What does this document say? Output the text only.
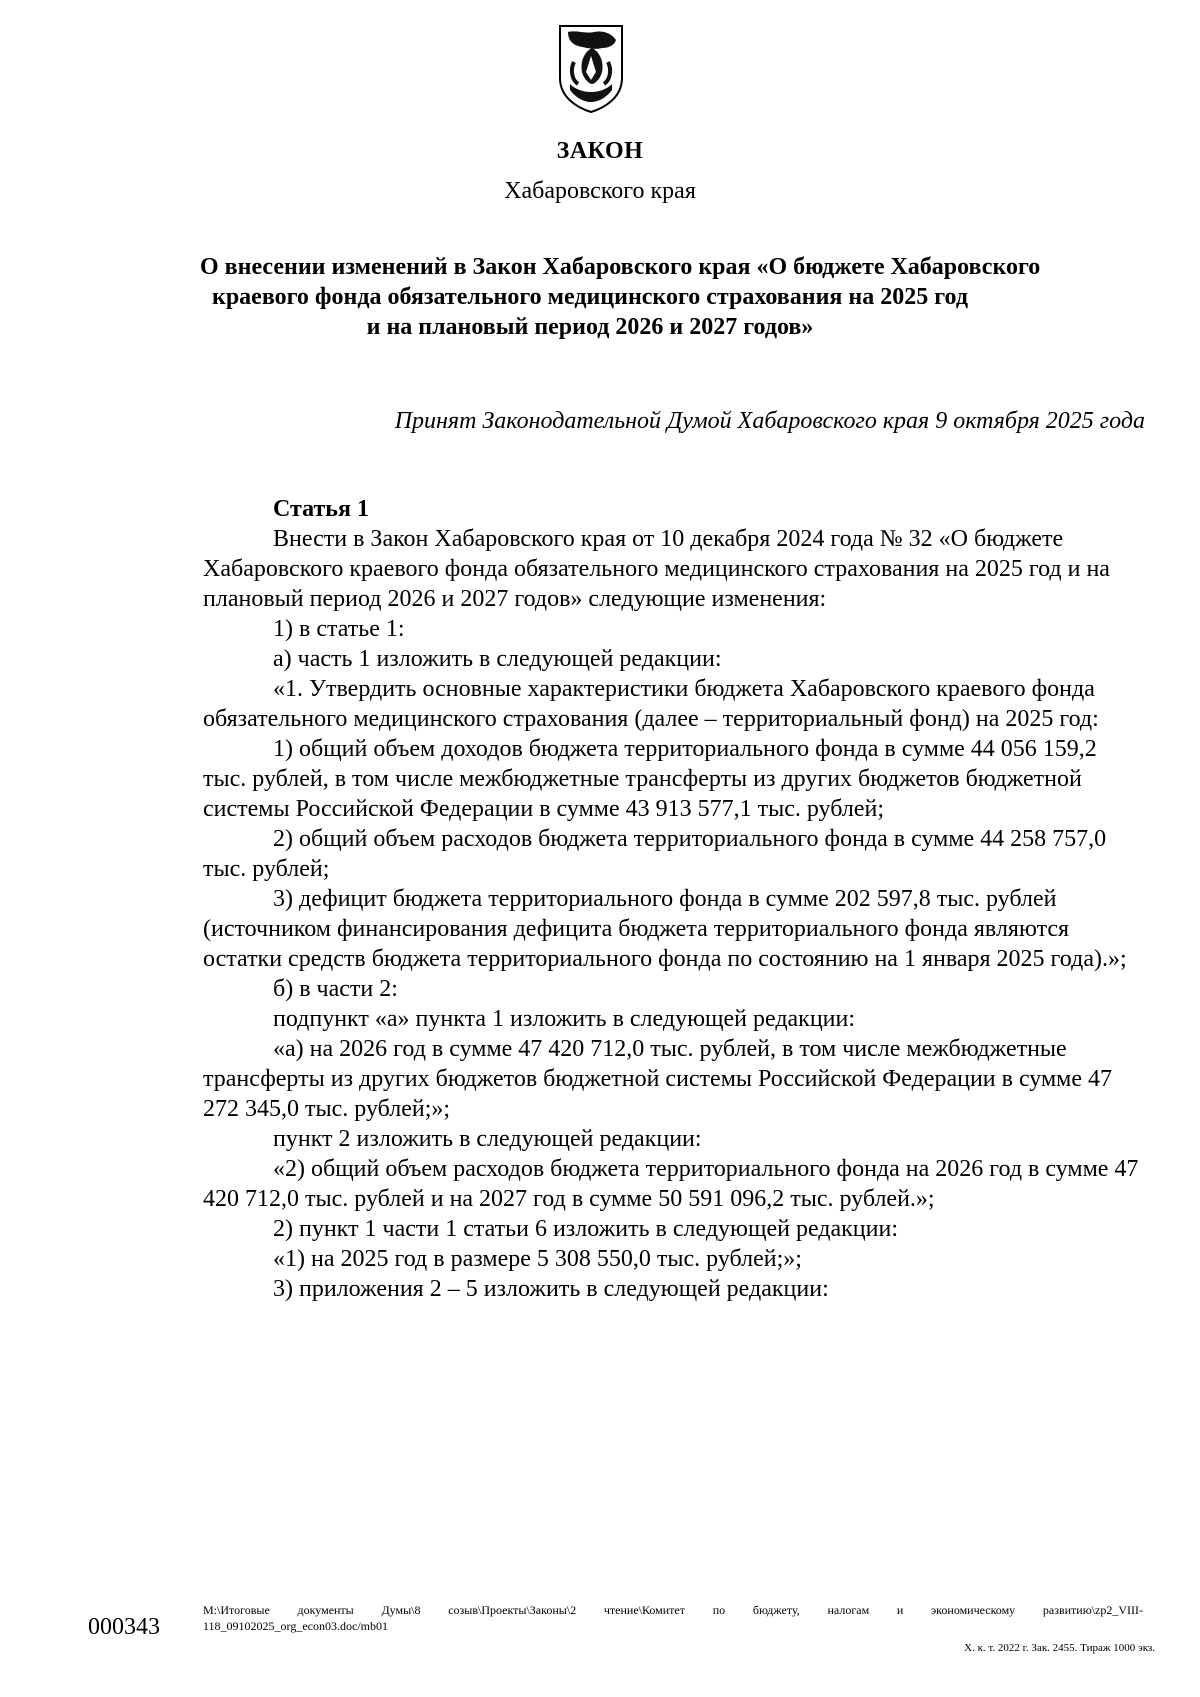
ЗАКОН
Хабаровского края
О внесении изменений в Закон Хабаровского края «О бюджете Хабаровского
краевого фонда обязательного медицинского страхования на 2025 год
и на плановый период 2026 и 2027 годов»
Принят Законодательной Думой Хабаровского края 9 октября 2025 года

Статья 1

Внести в Закон Хабаровского края от 10 декабря 2024 года № 32 «О бюджете Хабаровского краевого фонда обязательного медицинского страхования на 2025 год и на плановый период 2026 и 2027 годов» следующие изменения:

1) в статье 1:

а) часть 1 изложить в следующей редакции:

«1. Утвердить основные характеристики бюджета Хабаровского краевого фонда обязательного медицинского страхования (далее – территориальный фонд) на 2025 год:

1) общий объем доходов бюджета территориального фонда в сумме 44 056 159,2 тыс. рублей, в том числе межбюджетные трансферты из других бюджетов бюджетной системы Российской Федерации в сумме 43 913 577,1 тыс. рублей;

2) общий объем расходов бюджета территориального фонда в сумме 44 258 757,0 тыс. рублей;

3) дефицит бюджета территориального фонда в сумме 202 597,8 тыс. рублей (источником финансирования дефицита бюджета территориального фонда являются остатки средств бюджета территориального фонда по состоянию на 1 января 2025 года).»;

б) в части 2:

подпункт «а» пункта 1 изложить в следующей редакции:

«а) на 2026 год в сумме 47 420 712,0 тыс. рублей, в том числе межбюджетные трансферты из других бюджетов бюджетной системы Российской Федерации в сумме 47 272 345,0 тыс. рублей;»;

пункт 2 изложить в следующей редакции:

«2) общий объем расходов бюджета территориального фонда на 2026 год в сумме 47 420 712,0 тыс. рублей и на 2027 год в сумме 50 591 096,2 тыс. рублей.»;

2) пункт 1 части 1 статьи 6 изложить в следующей редакции:

«1) на 2025 год в размере 5 308 550,0 тыс. рублей;»;

3) приложения 2 – 5 изложить в следующей редакции:

000343
M:\Итоговые документы Думы\8 созыв\Проекты\Законы\2 чтение\Комитет по бюджету, налогам и экономическому развитию\zp2_VIII-
118_09102025_org_econ03.doc/mb01
Х. к. т. 2022 г. Зак. 2455. Тираж 1000 экз.
